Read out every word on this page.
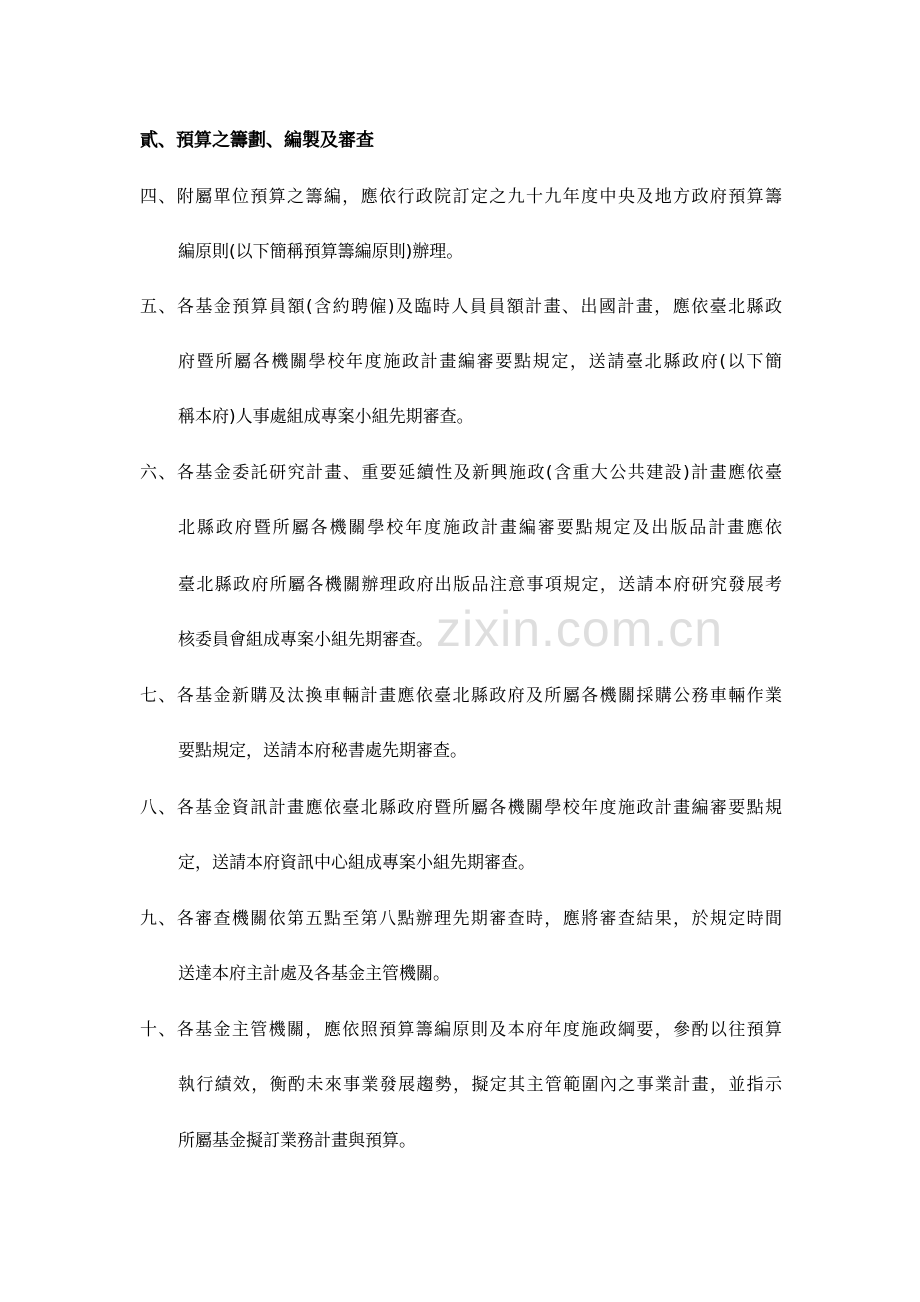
貳、預算之籌劃、編製及審查
四、附屬單位預算之籌編，應依行政院訂定之九十九年度中央及地方政府預算籌
編原則(以下簡稱預算籌編原則)辦理。
五、各基金預算員額(含約聘僱)及臨時人員員額計畫、出國計畫，應依臺北縣政
府暨所屬各機關學校年度施政計畫編審要點規定，送請臺北縣政府(以下簡
稱本府)人事處組成專案小組先期審查。
六、各基金委託研究計畫、重要延續性及新興施政(含重大公共建設)計畫應依臺
北縣政府暨所屬各機關學校年度施政計畫編審要點規定及出版品計畫應依
臺北縣政府所屬各機關辦理政府出版品注意事項規定，送請本府研究發展考
核委員會組成專案小組先期審查。
七、各基金新購及汰換車輛計畫應依臺北縣政府及所屬各機關採購公務車輛作業
要點規定，送請本府秘書處先期審查。
八、各基金資訊計畫應依臺北縣政府暨所屬各機關學校年度施政計畫編審要點規
定，送請本府資訊中心組成專案小組先期審查。
九、各審查機關依第五點至第八點辦理先期審查時，應將審查結果，於規定時間
送達本府主計處及各基金主管機關。
十、各基金主管機關，應依照預算籌編原則及本府年度施政綱要，參酌以往預算
執行績效，衡酌未來事業發展趨勢，擬定其主管範圍內之事業計畫，並指示
所屬基金擬訂業務計畫與預算。
zixin.com.cn
